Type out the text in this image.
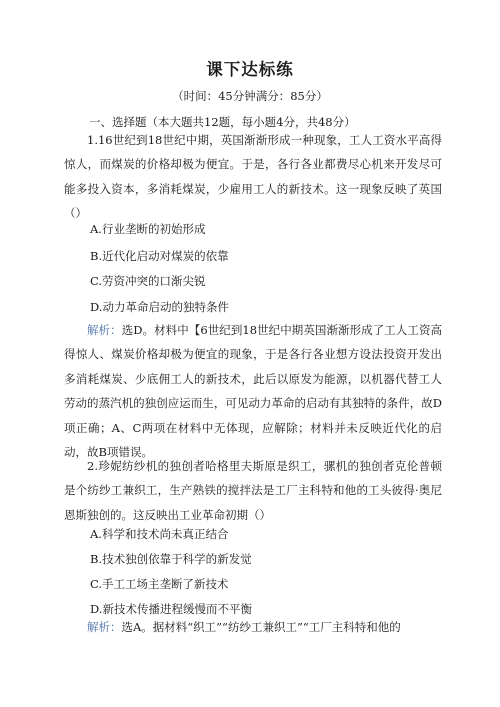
课下达标练
（时间：45分钟满分：85分）
一、选择题（本大题共12题，每小题4分，共48分）
1.16世纪到18世纪中期，英国渐渐形成一种现象，工人工资水平高得惊人，而煤炭的价格却极为便宜。于是，各行各业都费尽心机来开发尽可能多投入资本，多消耗煤炭，少雇用工人的新技术。这一现象反映了英国（）
A.行业垄断的初始形成
B.近代化启动对煤炭的依靠
C.劳资冲突的口渐尖锐
D.动力革命启动的独特条件
解析：选D。材料中【6世纪到18世纪中期英国渐渐形成了工人工资高得惊人、煤炭价格却极为便宜的现象，于是各行各业想方设法投资开发出多消耗煤炭、少底佣工人的新技术，此后以原发为能源，以机器代替工人劳动的蒸汽机的独创应运而生，可见动力革命的启动有其独特的条件，故D项正确；A、C两项在材料中无体现，应解除；材料并未反映近代化的启动，故B项错误。
2.珍妮纺纱机的独创者哈格里夫斯原是织工，骡机的独创者克伦普顿是个纺纱工兼织工，生产熟铁的搅拌法是工厂主科特和他的工头彼得·奥尼恩斯独创的。这反映出工业革命初期（）
A.科学和技术尚未真正结合
B.技术独创依靠于科学的新发觉
C.手工工场主垄断了新技术
D.新技术传播进程缓慢而不平衡
解析：选A。据材料“织工”“纺纱工兼织工”“工厂主科特和他的
